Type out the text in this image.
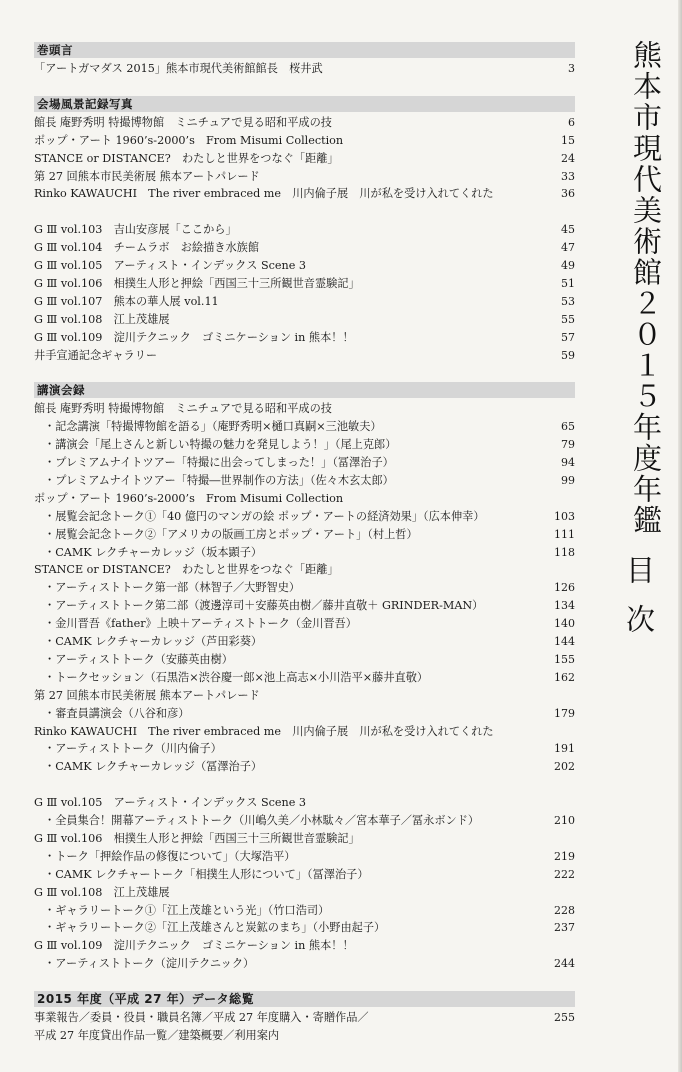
巻頭言
「アートガマダス 2015」熊本市現代美術館館長　桜井武	3
会場風景記録写真
館長 庵野秀明 特撮博物館　ミニチュアで見る昭和平成の技	6
ポップ・アート 1960’s-2000’s　From Misumi Collection	15
STANCE or DISTANCE?　わたしと世界をつなぐ「距離」	24
第 27 回熊本市民美術展 熊本アートパレード	33
Rinko KAWAUCHI　The river embraced me　川内倫子展　川が私を受け入れてくれた	36
G Ⅲ vol.103　吉山安彦展「ここから」	45
G Ⅲ vol.104　チームラボ　お絵描き水族館	47
G Ⅲ vol.105　アーティスト・インデックス Scene 3	49
G Ⅲ vol.106　相撲生人形と押絵「西国三十三所観世音霊験記」	51
G Ⅲ vol.107　熊本の華人展 vol.11	53
G Ⅲ vol.108　江上茂雄展	55
G Ⅲ vol.109　淀川テクニック　ゴミニケーション in 熊本！！	57
井手宣通記念ギャラリー	59
講演会録
館長 庵野秀明 特撮博物館　ミニチュアで見る昭和平成の技
・記念講演「特撮博物館を語る」（庵野秀明×樋口真嗣×三池敏夫）	65
・講演会「尾上さんと新しい特撮の魅力を発見しよう！」（尾上克郎）	79
・プレミアムナイトツアー「特撮に出会ってしまった！」（冨澤治子）	94
・プレミアムナイトツアー「特撮―世界制作の方法」（佐々木玄太郎）	99
ポップ・アート 1960’s-2000’s　From Misumi Collection
・展覧会記念トーク①「40 億円のマンガの絵 ポップ・アートの経済効果」（広本伸幸）	103
・展覧会記念トーク②「アメリカの版画工房とポップ・アート」（村上哲）	111
・CAMK レクチャーカレッジ（坂本顕子）	118
STANCE or DISTANCE?　わたしと世界をつなぐ「距離」
・アーティストトーク第一部（林智子／大野智史）	126
・アーティストトーク第二部（渡邊淳司＋安藤英由樹／藤井直敬＋ GRINDER-MAN）	134
・金川晋吾《father》上映＋アーティストトーク（金川晋吾）	140
・CAMK レクチャーカレッジ（芦田彩葵）	144
・アーティストトーク（安藤英由樹）	155
・トークセッション（石黒浩×渋谷慶一郎×池上高志×小川浩平×藤井直敬）	162
第 27 回熊本市民美術展 熊本アートパレード
・審査員講演会（八谷和彦）	179
Rinko KAWAUCHI　The river embraced me　川内倫子展　川が私を受け入れてくれた
・アーティストトーク（川内倫子）	191
・CAMK レクチャーカレッジ（冨澤治子）	202
G Ⅲ vol.105　アーティスト・インデックス Scene 3
・全員集合！開幕アーティストトーク（川嶋久美／小林駄々／宮本華子／冨永ボンド）	210
G Ⅲ vol.106　相撲生人形と押絵「西国三十三所観世音霊験記」
・トーク「押絵作品の修復について」（大塚浩平）	219
・CAMK レクチャートーク「相撲生人形について」（冨澤治子）	222
G Ⅲ vol.108　江上茂雄展
・ギャラリートーク①「江上茂雄という光」（竹口浩司）	228
・ギャラリートーク②「江上茂雄さんと炭鉱のまち」（小野由起子）	237
G Ⅲ vol.109　淀川テクニック　ゴミニケーション in 熊本！！
・アーティストトーク（淀川テクニック）	244
2015 年度（平成 27 年）データ総覧
事業報告／委員・役員・職員名簿／平成 27 年度購入・寄贈作品／	255
平成 27 年度貸出作品一覧／建築概要／利用案内
熊本市現代美術館２０１５年度年鑑
目次
